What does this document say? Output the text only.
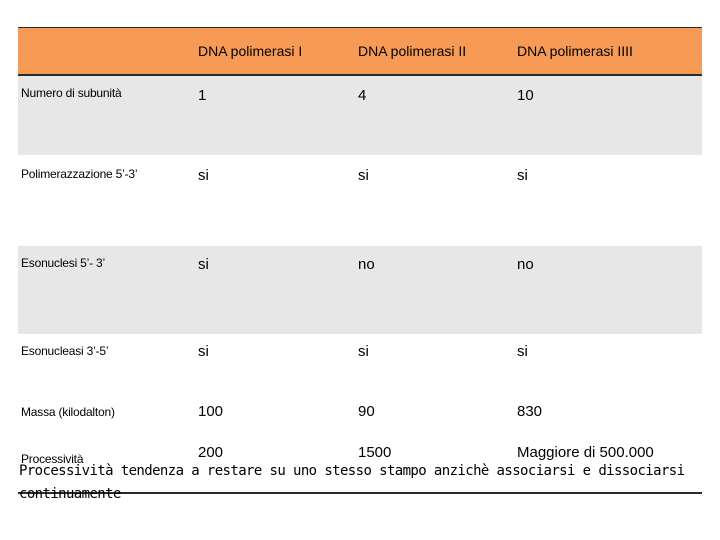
	DNA polimerasi I	DNA polimerasi II	DNA polimerasi IIII
Numero di subunità	1	4	10
Polimerazzazione 5’-3’	si	si	si
Esonuclesi 5’- 3’	si	no	no
Esonucleasi 3’-5’	si	si	si
Massa (kilodalton)	100	90	830
Processività	200	1500	Maggiore di 500.000
Processività tendenza a restare su uno stesso stampo anzichè associarsi e dissociarsi continuamente
